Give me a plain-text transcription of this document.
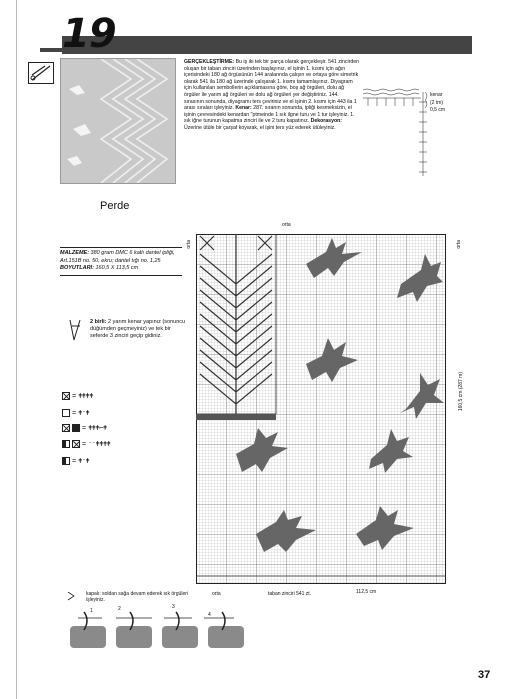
19
GERÇEKLEŞTİRME: Bu iş iki tek bir parça olarak gerçekleşir. 541 zincirden oluşan bir taban zinciri üzerinden başlayınız, el işinin 1. kısmı için ağın içerisindeki 180 ağ örgüsünün 144 aralarında çalışın ve ortaya göre simetrik olarak 541 ila 180 ağ üzerinde çalışarak 1. kısmı tamamlayınız. Diyagram için kullanılan sembollerin açıklamasına göre, boş ağ örgüleri, dolu ağ örgüler ile yarım ağ örgüleri ve dolu ağ örgüleri yer değiştiriniz. 144. sırasının sonunda, diyagramı ters çeviriniz ve el işinin 2. kısmı için 443 ila 1 arası sıraları işleyiniz. Kenar: 287. sıranın sonunda, ipliği kesmeksizin, el işinin çevresindeki kenardan "ptmeinde 1 sık ilgne turu ve 1 tur işleyiniz. 1. sık iğne turunun kapatma zinciri ile ve 2 turu kapatınız. Dekorasyon: Üzerine ütüle bir çarşaf koyarak, el işini ters yüz ederek ütüleyiniz.
kenar
(2 tm)
0,5 cm
Perde
MALZEME: 380 gram DMC 6 katlı dantel ipliği, Art.151B no. 50, ekru; dantel tığı no. 1,25
BOYUTLARI: 160,5 X 113,5 cm
2 birli: 2 yarım kenar yapınız (sonuncu düğümden geçmeyiniz) ve tek bir seferde 3 zinciri geçip gidiniz.
= ǂǂǂǂ
= ǂ⁻ǂ
= ǂǂǂ⌐ǂ
= ⁻⁻ǂǂǂǂ
= ǂ⁻ǂ
orta
orta	orta
160,5 cm (287 m)
orta	taban zinciri 541 zt.	112,5 cm
kapalı: soldan sağa devam ederek sık örgüleri işleyiniz.
1	2	3
4
37
